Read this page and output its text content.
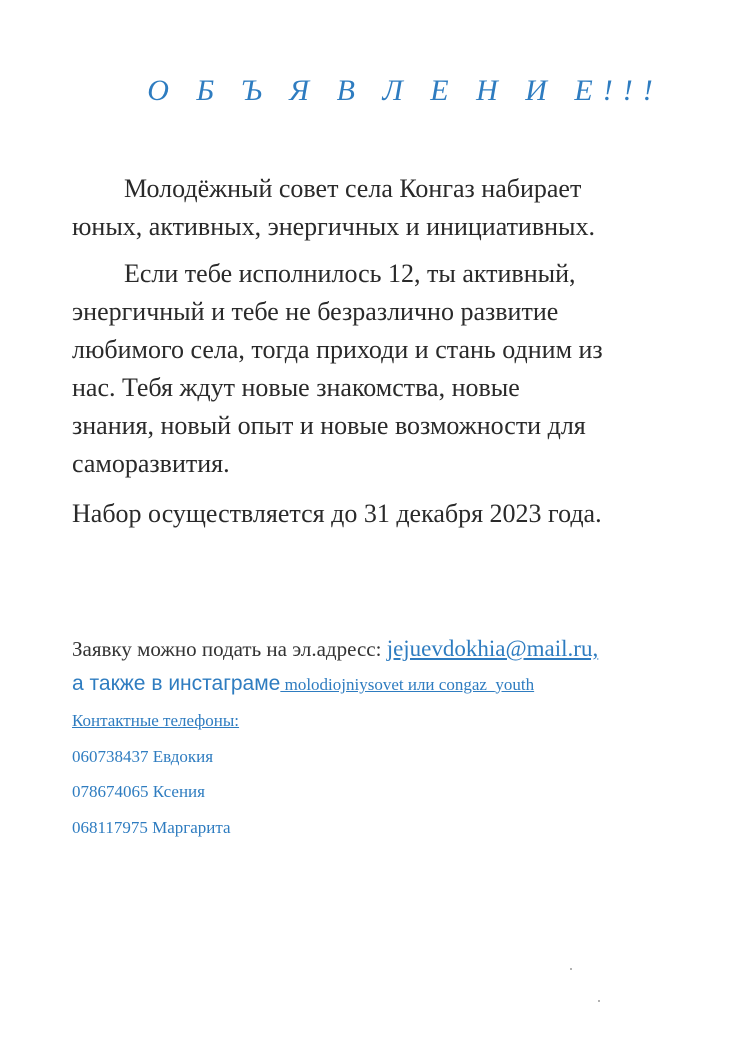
О Б Ъ Я В Л Е Н И Е!!!
Молодёжный совет села Конгаз набирает
юных, активных, энергичных и инициативных.
Если тебе исполнилось 12, ты активный,
энергичный и тебе не безразлично развитие
любимого села, тогда приходи и стань одним из
нас. Тебя ждут новые знакомства, новые
знания, новый опыт и новые возможности для
саморазвития.
Набор осуществляется до 31 декабря 2023 года.
Заявку можно подать на эл.адресс: jejuevdokhia@mail.ru,
а также в инстаграме molodiojniysovet или congaz_youth
Контактные телефоны:
060738437 Евдокия
078674065 Ксения
068117975 Маргарита
